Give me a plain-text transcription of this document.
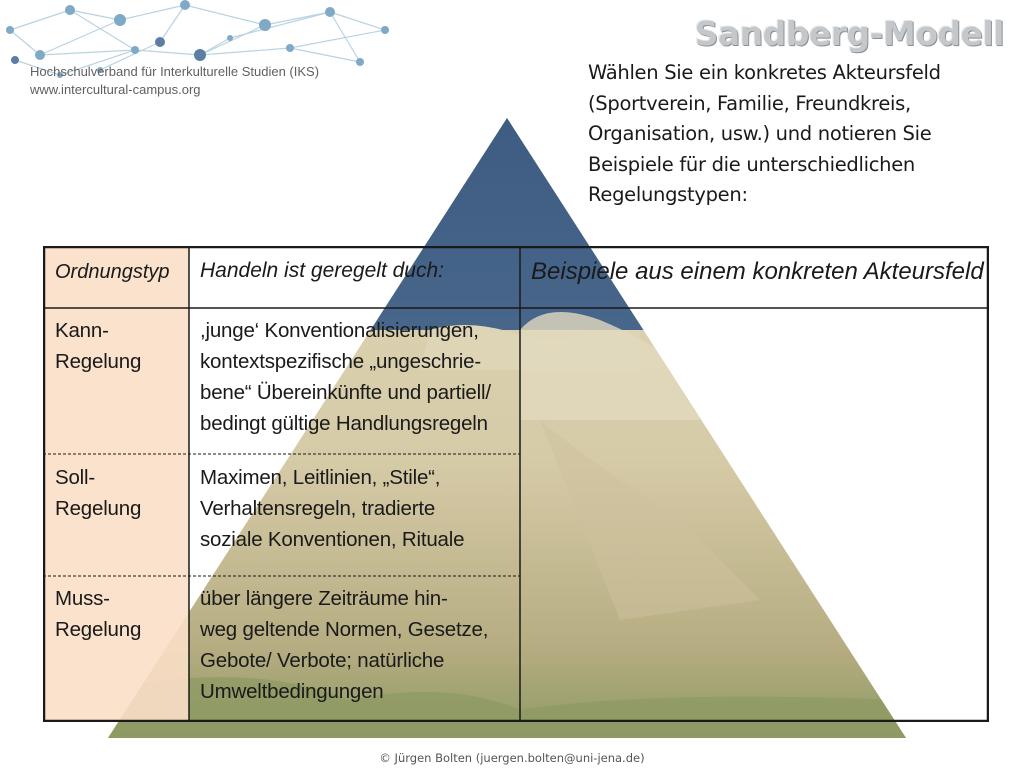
Hochschulverband für Interkulturelle Studien (IKS)
www.intercultural-campus.org
Sandberg-Modell
Wählen Sie ein konkretes Akteursfeld
(Sportverein, Familie, Freundkreis,
Organisation, usw.) und notieren Sie
Beispiele für die unterschiedlichen
Regelungstypen:
Ordnungstyp Handeln ist geregelt duch:	Beispiele aus einem konkreten Akteursfeld
Kann-
Regelung
,junge‘ Konventionalisierungen,
kontextspezifische „ungeschrie-
bene“ Übereinkünfte und partiell/
bedingt gültige Handlungsregeln
Soll-
Regelung
Maximen, Leitlinien, „Stile“,
Verhaltensregeln, tradierte
soziale Konventionen, Rituale
Muss-
Regelung
über längere Zeiträume hin-
weg geltende Normen, Gesetze,
Gebote/ Verbote; natürliche
Umweltbedingungen
© Jürgen Bolten (juergen.bolten@uni-jena.de)
